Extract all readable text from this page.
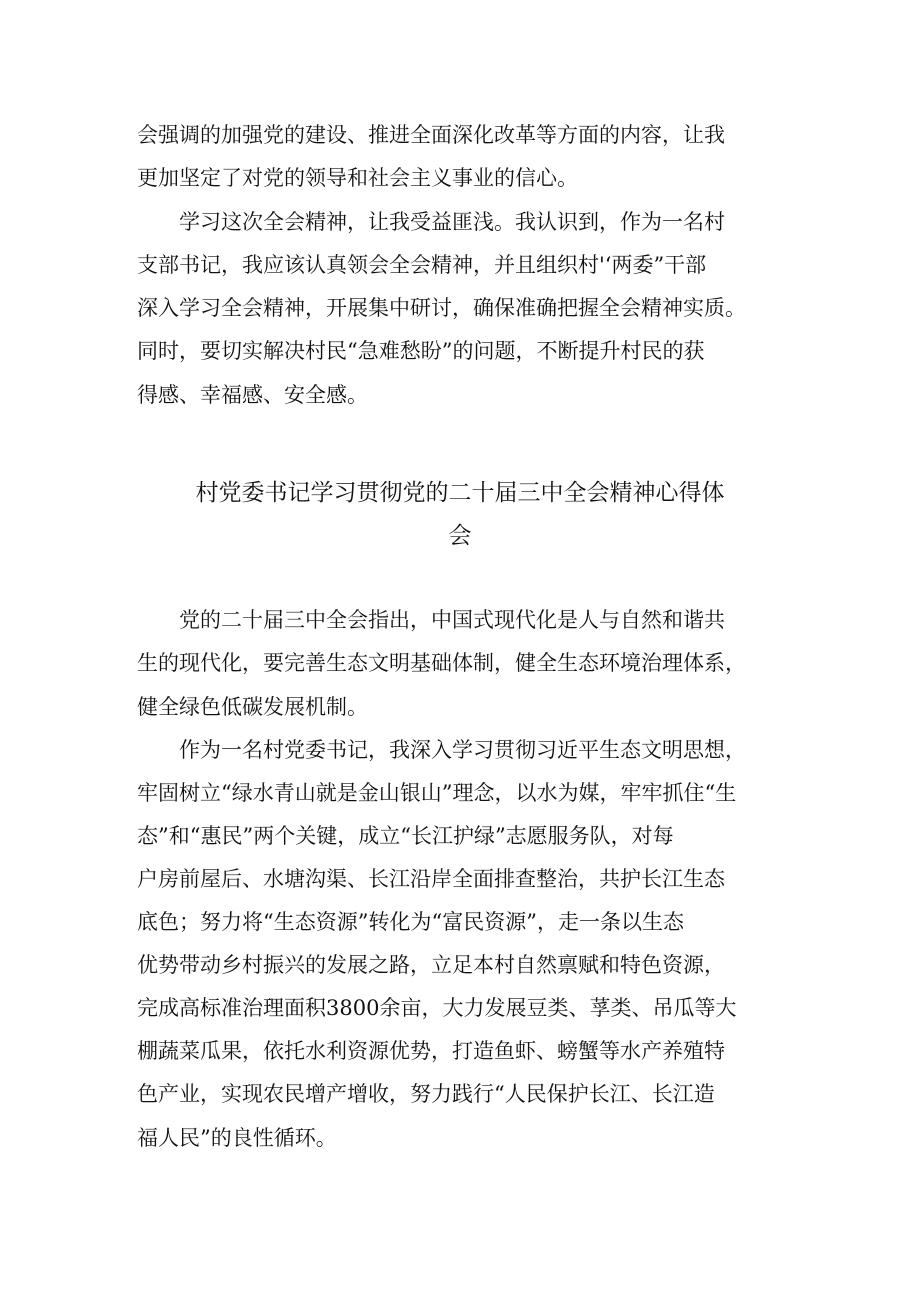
会强调的加强党的建设、推进全面深化改革等方面的内容，让我
更加坚定了对党的领导和社会主义事业的信心。
　　学习这次全会精神，让我受益匪浅。我认识到，作为一名村
支部书记，我应该认真领会全会精神，并且组织村'‘两委”干部
深入学习全会精神，开展集中研讨，确保准确把握全会精神实质。
同时，要切实解决村民“急难愁盼”的问题，不断提升村民的获
得感、幸福感、安全感。
村党委书记学习贯彻党的二十届三中全会精神心得体
会
　　党的二十届三中全会指出，中国式现代化是人与自然和谐共
生的现代化，要完善生态文明基础体制，健全生态环境治理体系，
健全绿色低碳发展机制。
　　作为一名村党委书记，我深入学习贯彻习近平生态文明思想，
牢固树立“绿水青山就是金山银山”理念，以水为媒，牢牢抓住“生
态”和“惠民”两个关键，成立“长江护绿”志愿服务队，对每
户房前屋后、水塘沟渠、长江沿岸全面排查整治，共护长江生态
底色；努力将“生态资源”转化为“富民资源”，走一条以生态
优势带动乡村振兴的发展之路，立足本村自然禀赋和特色资源，
完成高标准治理面积3800余亩，大力发展豆类、莩类、吊瓜等大
棚蔬菜瓜果，依托水利资源优势，打造鱼虾、螃蟹等水产养殖特
色产业，实现农民增产增收，努力践行“人民保护长江、长江造
福人民”的良性循环。
